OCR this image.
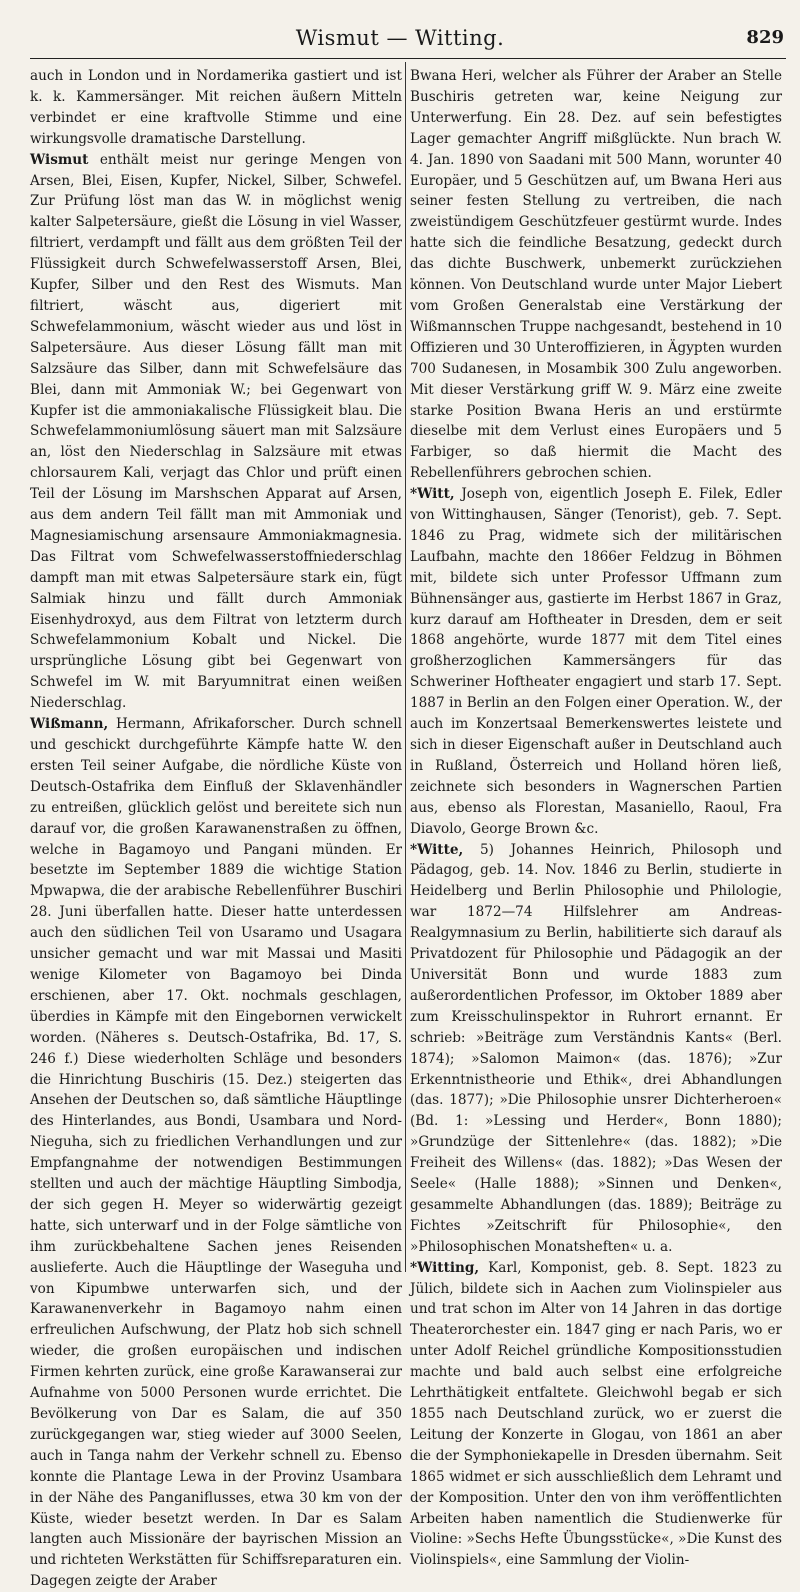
Wismut — Witting.	829

auch in London und in Nordamerika gastiert und ist k. k. Kammersänger. Mit reichen äußern Mitteln verbindet er eine kraftvolle Stimme und eine wirkungsvolle dramatische Darstellung.

Wismut enthält meist nur geringe Mengen von Arsen, Blei, Eisen, Kupfer, Nickel, Silber, Schwefel. Zur Prüfung löst man das W. in möglichst wenig kalter Salpetersäure, gießt die Lösung in viel Wasser, filtriert, verdampft und fällt aus dem größten Teil der Flüssigkeit durch Schwefelwasserstoff Arsen, Blei, Kupfer, Silber und den Rest des Wismuts. Man filtriert, wäscht aus, digeriert mit Schwefelammonium, wäscht wieder aus und löst in Salpetersäure. Aus dieser Lösung fällt man mit Salzsäure das Silber, dann mit Schwefelsäure das Blei, dann mit Ammoniak W.; bei Gegenwart von Kupfer ist die ammoniakalische Flüssigkeit blau. Die Schwefelammoniumlösung säuert man mit Salzsäure an, löst den Niederschlag in Salzsäure mit etwas chlorsaurem Kali, verjagt das Chlor und prüft einen Teil der Lösung im Marshschen Apparat auf Arsen, aus dem andern Teil fällt man mit Ammoniak und Magnesiamischung arsensaure Ammoniakmagnesia. Das Filtrat vom Schwefelwasserstoffniederschlag dampft man mit etwas Salpetersäure stark ein, fügt Salmiak hinzu und fällt durch Ammoniak Eisenhydroxyd, aus dem Filtrat von letzterm durch Schwefelammonium Kobalt und Nickel. Die ursprüngliche Lösung gibt bei Gegenwart von Schwefel im W. mit Baryumnitrat einen weißen Niederschlag.

Wißmann, Hermann, Afrikaforscher. Durch schnell und geschickt durchgeführte Kämpfe hatte W. den ersten Teil seiner Aufgabe, die nördliche Küste von Deutsch-Ostafrika dem Einfluß der Sklavenhändler zu entreißen, glücklich gelöst und bereitete sich nun darauf vor, die großen Karawanenstraßen zu öffnen, welche in Bagamoyo und Pangani münden. Er besetzte im September 1889 die wichtige Station Mpwapwa, die der arabische Rebellenführer Buschiri 28. Juni überfallen hatte. Dieser hatte unterdessen auch den südlichen Teil von Usaramo und Usagara unsicher gemacht und war mit Massai und Masiti wenige Kilometer von Bagamoyo bei Dinda erschienen, aber 17. Okt. nochmals geschlagen, überdies in Kämpfe mit den Eingebornen verwickelt worden. (Näheres s. Deutsch-Ostafrika, Bd. 17, S. 246 f.) Diese wiederholten Schläge und besonders die Hinrichtung Buschiris (15. Dez.) steigerten das Ansehen der Deutschen so, daß sämtliche Häuptlinge des Hinterlandes, aus Bondi, Usambara und Nord-Nieguha, sich zu friedlichen Verhandlungen und zur Empfangnahme der notwendigen Bestimmungen stellten und auch der mächtige Häuptling Simbodja, der sich gegen H. Meyer so widerwärtig gezeigt hatte, sich unterwarf und in der Folge sämtliche von ihm zurückbehaltene Sachen jenes Reisenden auslieferte. Auch die Häuptlinge der Waseguha und von Kipumbwe unterwarfen sich, und der Karawanenverkehr in Bagamoyo nahm einen erfreulichen Aufschwung, der Platz hob sich schnell wieder, die großen europäischen und indischen Firmen kehrten zurück, eine große Karawanserai zur Aufnahme von 5000 Personen wurde errichtet. Die Bevölkerung von Dar es Salam, die auf 350 zurückgegangen war, stieg wieder auf 3000 Seelen, auch in Tanga nahm der Verkehr schnell zu. Ebenso konnte die Plantage Lewa in der Provinz Usambara in der Nähe des Panganiflusses, etwa 30 km von der Küste, wieder besetzt werden. In Dar es Salam langten auch Missionäre der bayrischen Mission an und richteten Werkstätten für Schiffsreparaturen ein. Dagegen zeigte der Araber

Bwana Heri, welcher als Führer der Araber an Stelle Buschiris getreten war, keine Neigung zur Unterwerfung. Ein 28. Dez. auf sein befestigtes Lager gemachter Angriff mißglückte. Nun brach W. 4. Jan. 1890 von Saadani mit 500 Mann, worunter 40 Europäer, und 5 Geschützen auf, um Bwana Heri aus seiner festen Stellung zu vertreiben, die nach zweistündigem Geschützfeuer gestürmt wurde. Indes hatte sich die feindliche Besatzung, gedeckt durch das dichte Buschwerk, unbemerkt zurückziehen können. Von Deutschland wurde unter Major Liebert vom Großen Generalstab eine Verstärkung der Wißmannschen Truppe nachgesandt, bestehend in 10 Offizieren und 30 Unteroffizieren, in Ägypten wurden 700 Sudanesen, in Mosambik 300 Zulu angeworben. Mit dieser Verstärkung griff W. 9. März eine zweite starke Position Bwana Heris an und erstürmte dieselbe mit dem Verlust eines Europäers und 5 Farbiger, so daß hiermit die Macht des Rebellenführers gebrochen schien.

*Witt, Joseph von, eigentlich Joseph E. Filek, Edler von Wittinghausen, Sänger (Tenorist), geb. 7. Sept. 1846 zu Prag, widmete sich der militärischen Laufbahn, machte den 1866er Feldzug in Böhmen mit, bildete sich unter Professor Uffmann zum Bühnensänger aus, gastierte im Herbst 1867 in Graz, kurz darauf am Hoftheater in Dresden, dem er seit 1868 angehörte, wurde 1877 mit dem Titel eines großherzoglichen Kammersängers für das Schweriner Hoftheater engagiert und starb 17. Sept. 1887 in Berlin an den Folgen einer Operation. W., der auch im Konzertsaal Bemerkenswertes leistete und sich in dieser Eigenschaft außer in Deutschland auch in Rußland, Österreich und Holland hören ließ, zeichnete sich besonders in Wagnerschen Partien aus, ebenso als Florestan, Masaniello, Raoul, Fra Diavolo, George Brown &c.

*Witte, 5) Johannes Heinrich, Philosoph und Pädagog, geb. 14. Nov. 1846 zu Berlin, studierte in Heidelberg und Berlin Philosophie und Philologie, war 1872—74 Hilfslehrer am Andreas-Realgymnasium zu Berlin, habilitierte sich darauf als Privatdozent für Philosophie und Pädagogik an der Universität Bonn und wurde 1883 zum außerordentlichen Professor, im Oktober 1889 aber zum Kreisschulinspektor in Ruhrort ernannt. Er schrieb: »Beiträge zum Verständnis Kants« (Berl. 1874); »Salomon Maimon« (das. 1876); »Zur Erkenntnistheorie und Ethik«, drei Abhandlungen (das. 1877); »Die Philosophie unsrer Dichterheroen« (Bd. 1: »Lessing und Herder«, Bonn 1880); »Grundzüge der Sittenlehre« (das. 1882); »Die Freiheit des Willens« (das. 1882); »Das Wesen der Seele« (Halle 1888); »Sinnen und Denken«, gesammelte Abhandlungen (das. 1889); Beiträge zu Fichtes »Zeitschrift für Philosophie«, den »Philosophischen Monatsheften« u. a.

*Witting, Karl, Komponist, geb. 8. Sept. 1823 zu Jülich, bildete sich in Aachen zum Violinspieler aus und trat schon im Alter von 14 Jahren in das dortige Theaterorchester ein. 1847 ging er nach Paris, wo er unter Adolf Reichel gründliche Kompositionsstudien machte und bald auch selbst eine erfolgreiche Lehrthätigkeit entfaltete. Gleichwohl begab er sich 1855 nach Deutschland zurück, wo er zuerst die Leitung der Konzerte in Glogau, von 1861 an aber die der Symphoniekapelle in Dresden übernahm. Seit 1865 widmet er sich ausschließlich dem Lehramt und der Komposition. Unter den von ihm veröffentlichten Arbeiten haben namentlich die Studienwerke für Violine: »Sechs Hefte Übungsstücke«, »Die Kunst des Violinspiels«, eine Sammlung der Violin-
